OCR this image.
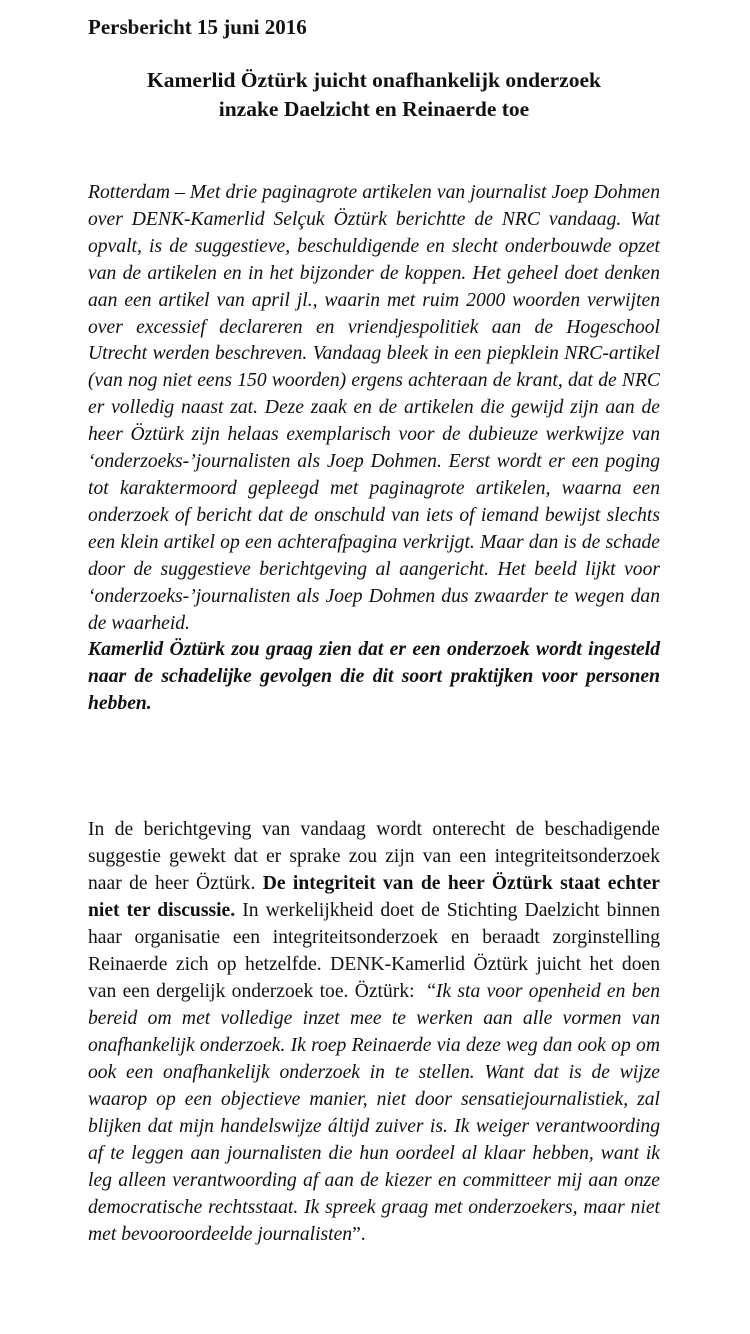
Persbericht 15 juni 2016
Kamerlid Öztürk juicht onafhankelijk onderzoek
inzake Daelzicht en Reinaerde toe
Rotterdam – Met drie paginagrote artikelen van journalist Joep Dohmen over DENK-Kamerlid Selçuk Öztürk berichtte de NRC vandaag. Wat opvalt, is de suggestieve, beschuldigende en slecht onderbouwde opzet van de artikelen en in het bijzonder de koppen. Het geheel doet denken aan een artikel van april jl., waarin met ruim 2000 woorden verwijten over excessief declareren en vriendjespolitiek aan de Hogeschool Utrecht werden beschreven. Vandaag bleek in een piepklein NRC-artikel (van nog niet eens 150 woorden) ergens achteraan de krant, dat de NRC er volledig naast zat. Deze zaak en de artikelen die gewijd zijn aan de heer Öztürk zijn helaas exemplarisch voor de dubieuze werkwijze van ‘onderzoeks-’journalisten als Joep Dohmen. Eerst wordt er een poging tot karaktermoord gepleegd met paginagrote artikelen, waarna een onderzoek of bericht dat de onschuld van iets of iemand bewijst slechts een klein artikel op een achterafpagina verkrijgt. Maar dan is de schade door de suggestieve berichtgeving al aangericht. Het beeld lijkt voor ‘onderzoeks-’journalisten als Joep Dohmen dus zwaarder te wegen dan de waarheid.
Kamerlid Öztürk zou graag zien dat er een onderzoek wordt ingesteld naar de schadelijke gevolgen die dit soort praktijken voor personen hebben.
In de berichtgeving van vandaag wordt onterecht de beschadigende suggestie gewekt dat er sprake zou zijn van een integriteitsonderzoek naar de heer Öztürk. De integriteit van de heer Öztürk staat echter niet ter discussie. In werkelijkheid doet de Stichting Daelzicht binnen haar organisatie een integriteitsonderzoek en beraadt zorginstelling Reinaerde zich op hetzelfde. DENK-Kamerlid Öztürk juicht het doen van een dergelijk onderzoek toe. Öztürk: “Ik sta voor openheid en ben bereid om met volledige inzet mee te werken aan alle vormen van onafhankelijk onderzoek. Ik roep Reinaerde via deze weg dan ook op om ook een onafhankelijk onderzoek in te stellen. Want dat is de wijze waarop op een objectieve manier, niet door sensatiejournalistiek, zal blijken dat mijn handelswijze áltijd zuiver is. Ik weiger verantwoording af te leggen aan journalisten die hun oordeel al klaar hebben, want ik leg alleen verantwoording af aan de kiezer en committeer mij aan onze democratische rechtsstaat. Ik spreek graag met onderzoekers, maar niet met bevooroordeelde journalisten”.
